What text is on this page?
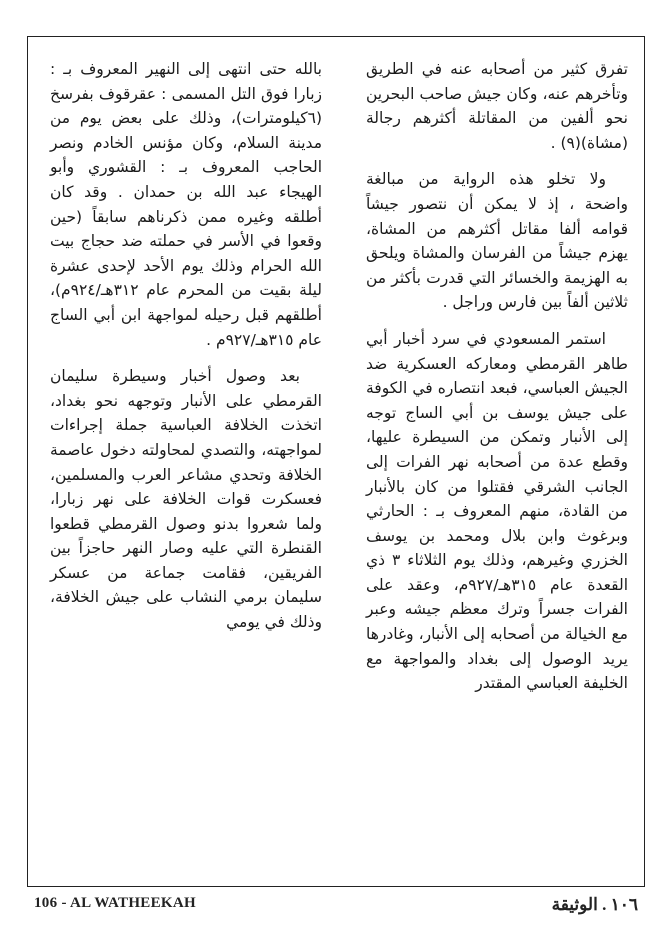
تفرق كثير من أصحابه عنه في الطريق وتأخرهم عنه، وكان جيش صاحب البحرين نحو ألفين من المقاتلة أكثرهم رجالة (مشاة)(٩) .

ولا تخلو هذه الرواية من مبالغة واضحة ، إذ لا يمكن أن نتصور جيشاً قوامه ألفا مقاتل أكثرهم من المشاة، يهزم جيشاً من الفرسان والمشاة ويلحق به الهزيمة والخسائر التي قدرت بأكثر من ثلاثين ألفاً بين فارس وراجل .

استمر المسعودي في سرد أخبار أبي طاهر القرمطي ومعاركه العسكرية ضد الجيش العباسي، فبعد انتصاره في الكوفة على جيش يوسف بن أبي الساج توجه إلى الأنبار وتمكن من السيطرة عليها، وقطع عدة من أصحابه نهر الفرات إلى الجانب الشرقي فقتلوا من كان بالأنبار من القادة، منهم المعروف بـ : الحارثي وبرغوث وابن بلال ومحمد بن يوسف الخزري وغيرهم، وذلك يوم الثلاثاء ٣ ذي القعدة عام ٣١٥هـ/٩٢٧م، وعقد على الفرات جسراً وترك معظم جيشه وعبر مع الخيالة من أصحابه إلى الأنبار، وغادرها يريد الوصول إلى بغداد والمواجهة مع الخليفة العباسي المقتدر

بالله حتى انتهى إلى النهير المعروف بـ : زبارا فوق التل المسمى : عقرقوف بفرسخ (٦كيلومترات)، وذلك على بعض يوم من مدينة السلام، وكان مؤنس الخادم ونصر الحاجب المعروف بـ : القشوري وأبو الهيجاء عبد الله بن حمدان . وقد كان أطلقه وغيره ممن ذكرناهم سابقاً (حين وقعوا في الأسر في حملته ضد حجاج بيت الله الحرام وذلك يوم الأحد لإحدى عشرة ليلة بقيت من المحرم عام ٣١٢هـ/٩٢٤م)، أطلقهم قبل رحيله لمواجهة ابن أبي الساج عام ٣١٥هـ/٩٢٧م .

بعد وصول أخبار وسيطرة سليمان القرمطي على الأنبار وتوجهه نحو بغداد، اتخذت الخلافة العباسية جملة إجراءات لمواجهته، والتصدي لمحاولته دخول عاصمة الخلافة وتحدي مشاعر العرب والمسلمين، فعسكرت قوات الخلافة على نهر زبارا، ولما شعروا بدنو وصول القرمطي قطعوا القنطرة التي عليه وصار النهر حاجزاً بين الفريقين، فقامت جماعة من عسكر سليمان برمي النشاب على جيش الخلافة، وذلك في يومي

106 - AL WATHEEKAH	١٠٦ . الوثيقة
